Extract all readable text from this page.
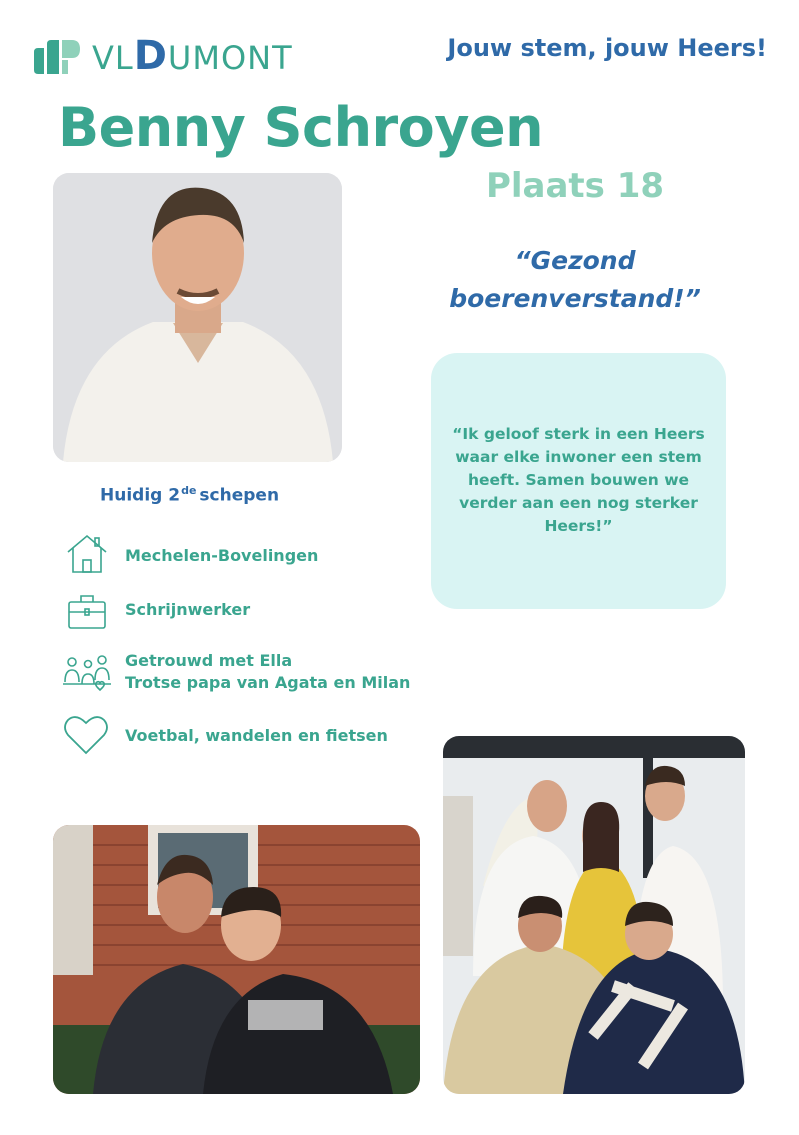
VLDUMONT	Jouw stem, jouw Heers!
Benny Schroyen
Plaats 18
“Gezond
boerenverstand!”
“Ik geloof sterk in een Heers waar elke inwoner een stem heeft. Samen bouwen we verder aan een nog sterker Heers!”
Huidig 2de schepen
Mechelen-Bovelingen
Schrijnwerker
Getrouwd met Ella
Trotse papa van Agata en Milan
Voetbal, wandelen en fietsen
